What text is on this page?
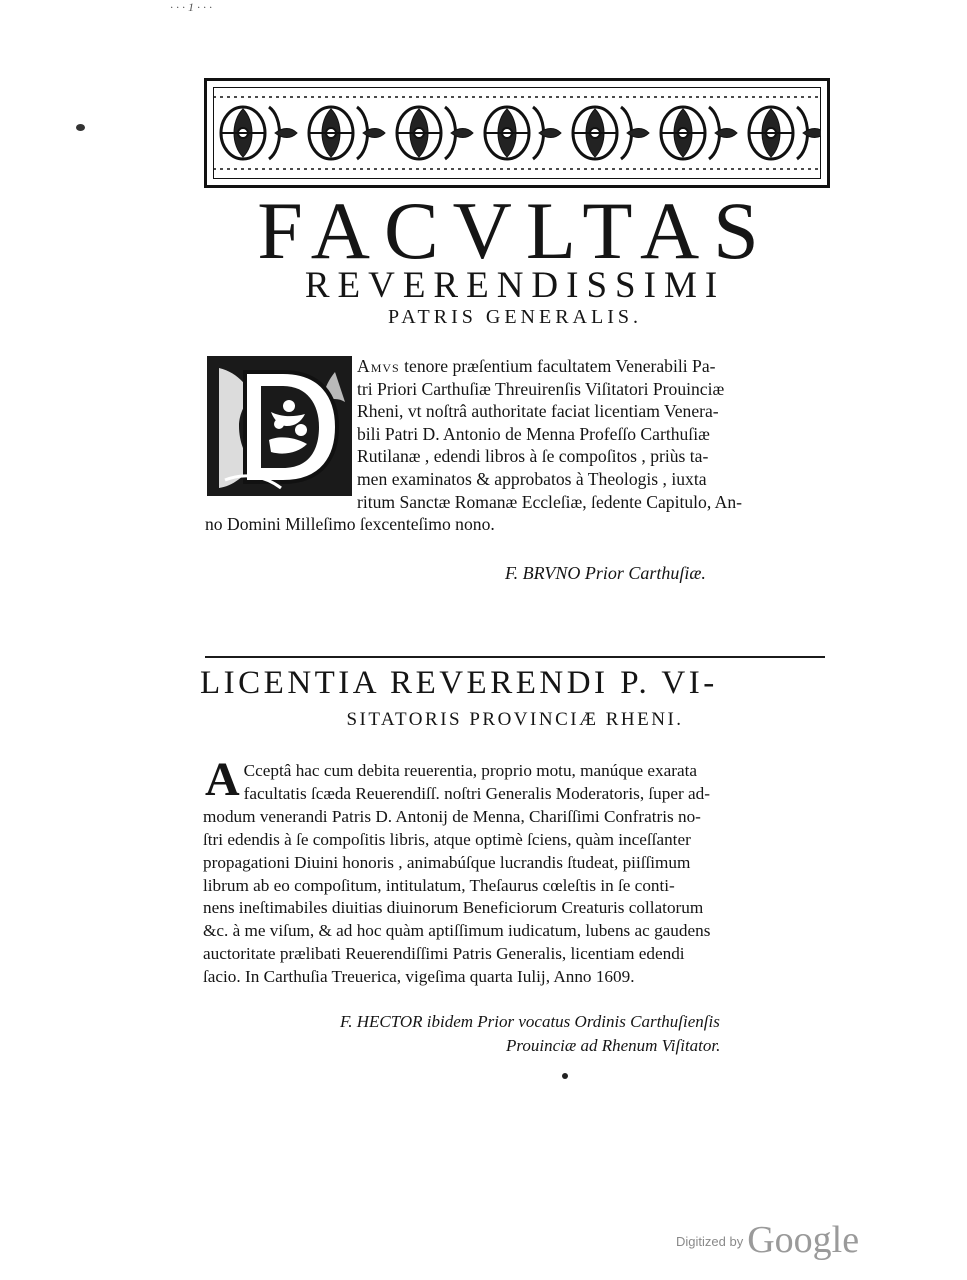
· · · 1 · · ·
FACVLTAS
REVERENDISSIMI
PATRIS GENERALIS.
Amvs tenore præſentium facultatem Venerabili Pa-
tri Priori Carthuſiæ Threuirenſis Viſitatori Prouinciæ
Rheni, vt noſtrâ authoritate faciat licentiam Venera-
bili Patri D. Antonio de Menna Profeſſo Carthuſiæ
Rutilanæ , edendi libros à ſe compoſitos , priùs ta-
men examinatos & approbatos à Theologis , iuxta
ritum Sanctæ Romanæ Eccleſiæ, ſedente Capitulo, An-
no Domini Milleſimo ſexcenteſimo nono.
F. BRVNO Prior Carthuſiæ.
LICENTIA REVERENDI P. VI-
SITATORIS PROVINCIÆ RHENI.
A Cceptâ hac cum debita reuerentia, proprio motu, manúque exarata
facultatis ſcæda Reuerendiſſ. noſtri Generalis Moderatoris, ſuper ad-
modum venerandi Patris D. Antonij de Menna, Chariſſimi Confratris no-
ſtri edendis à ſe compoſitis libris, atque optimè ſciens, quàm inceſſanter
propagationi Diuini honoris , animabúſque lucrandis ſtudeat, piiſſimum
librum ab eo compoſitum, intitulatum, Theſaurus cœleſtis in ſe conti-
nens ineſtimabiles diuitias diuinorum Beneficiorum Creaturis collatorum
&c. à me viſum, & ad hoc quàm aptiſſimum iudicatum, lubens ac gaudens
auctoritate prælibati Reuerendiſſimi Patris Generalis, licentiam edendi
ſacio. In Carthuſia Treuerica, vigeſima quarta Iulij, Anno 1609.
F. HECTOR ibidem Prior vocatus Ordinis Carthuſienſis
Prouinciæ ad Rhenum Viſitator.
$^{Digitized by}$ Google
